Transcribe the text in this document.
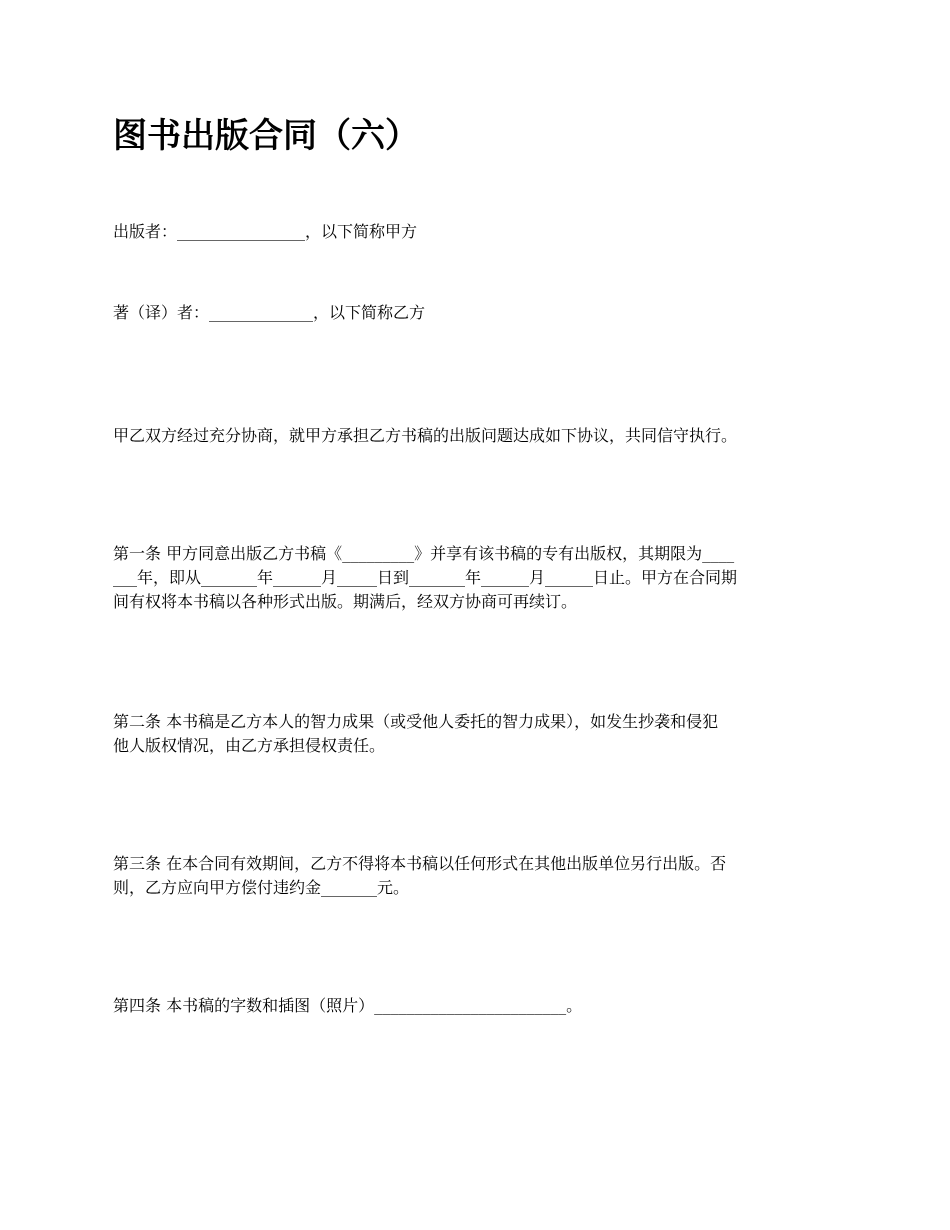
图书出版合同（六）

出版者：________________，以下简称甲方

著（译）者：_____________，以下简称乙方

甲乙双方经过充分协商，就甲方承担乙方书稿的出版问题达成如下协议，共同信守执行。

第一条 甲方同意出版乙方书稿《_________》并享有该书稿的专有出版权，其期限为____
___年，即从_______年______月_____日到_______年______月______日止。甲方在合同期
间有权将本书稿以各种形式出版。期满后，经双方协商可再续订。

第二条 本书稿是乙方本人的智力成果（或受他人委托的智力成果），如发生抄袭和侵犯
他人版权情况，由乙方承担侵权责任。

第三条 在本合同有效期间，乙方不得将本书稿以任何形式在其他出版单位另行出版。否
则，乙方应向甲方偿付违约金_______元。

第四条 本书稿的字数和插图（照片）________________________。
